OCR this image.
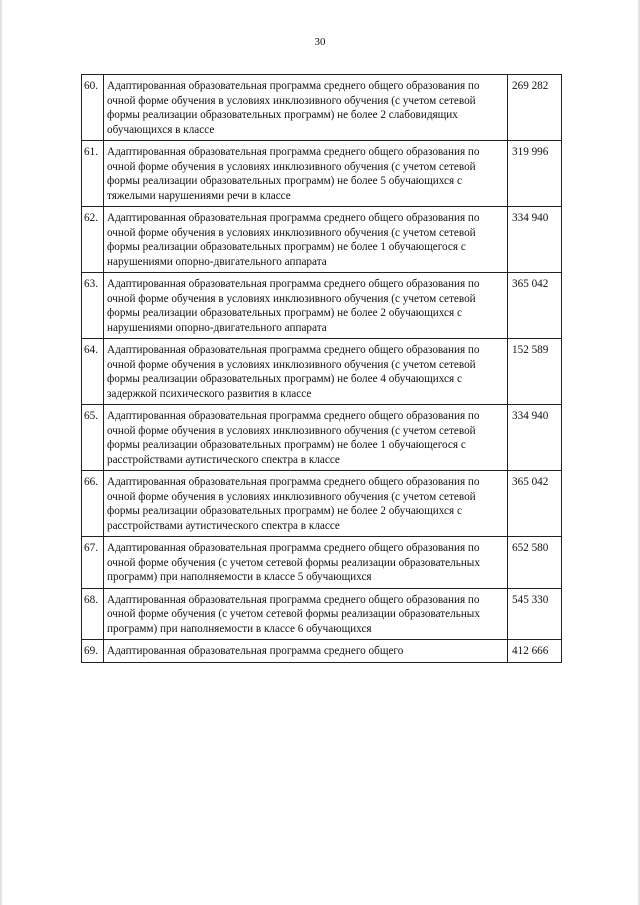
30
60.	Адаптированная образовательная программа среднего общего образования по очной форме обучения в условиях инклюзивного обучения (с учетом сетевой формы реализации образовательных программ) не более 2 слабовидящих обучающихся в классе	269 282
61.	Адаптированная образовательная программа среднего общего образования по очной форме обучения в условиях инклюзивного обучения (с учетом сетевой формы реализации образовательных программ) не более 5 обучающихся с тяжелыми нарушениями речи в классе	319 996
62.	Адаптированная образовательная программа среднего общего образования по очной форме обучения в условиях инклюзивного обучения (с учетом сетевой формы реализации образовательных программ) не более 1 обучающегося с нарушениями опорно-двигательного аппарата	334 940
63.	Адаптированная образовательная программа среднего общего образования по очной форме обучения в условиях инклюзивного обучения (с учетом сетевой формы реализации образовательных программ) не более 2 обучающихся с нарушениями опорно-двигательного аппарата	365 042
64.	Адаптированная образовательная программа среднего общего образования по очной форме обучения в условиях инклюзивного обучения (с учетом сетевой формы реализации образовательных программ) не более 4 обучающихся с задержкой психического развития в классе	152 589
65.	Адаптированная образовательная программа среднего общего образования по очной форме обучения в условиях инклюзивного обучения (с учетом сетевой формы реализации образовательных программ) не более 1 обучающегося с расстройствами аутистического спектра в классе	334 940
66.	Адаптированная образовательная программа среднего общего образования по очной форме обучения в условиях инклюзивного обучения (с учетом сетевой формы реализации образовательных программ) не более 2 обучающихся с расстройствами аутистического спектра в классе	365 042
67.	Адаптированная образовательная программа среднего общего образования по очной форме обучения (с учетом сетевой формы реализации образовательных программ) при наполняемости в классе 5 обучающихся	652 580
68.	Адаптированная образовательная программа среднего общего образования по очной форме обучения (с учетом сетевой формы реализации образовательных программ) при наполняемости в классе 6 обучающихся	545 330
69.	Адаптированная образовательная программа среднего общего	412 666
